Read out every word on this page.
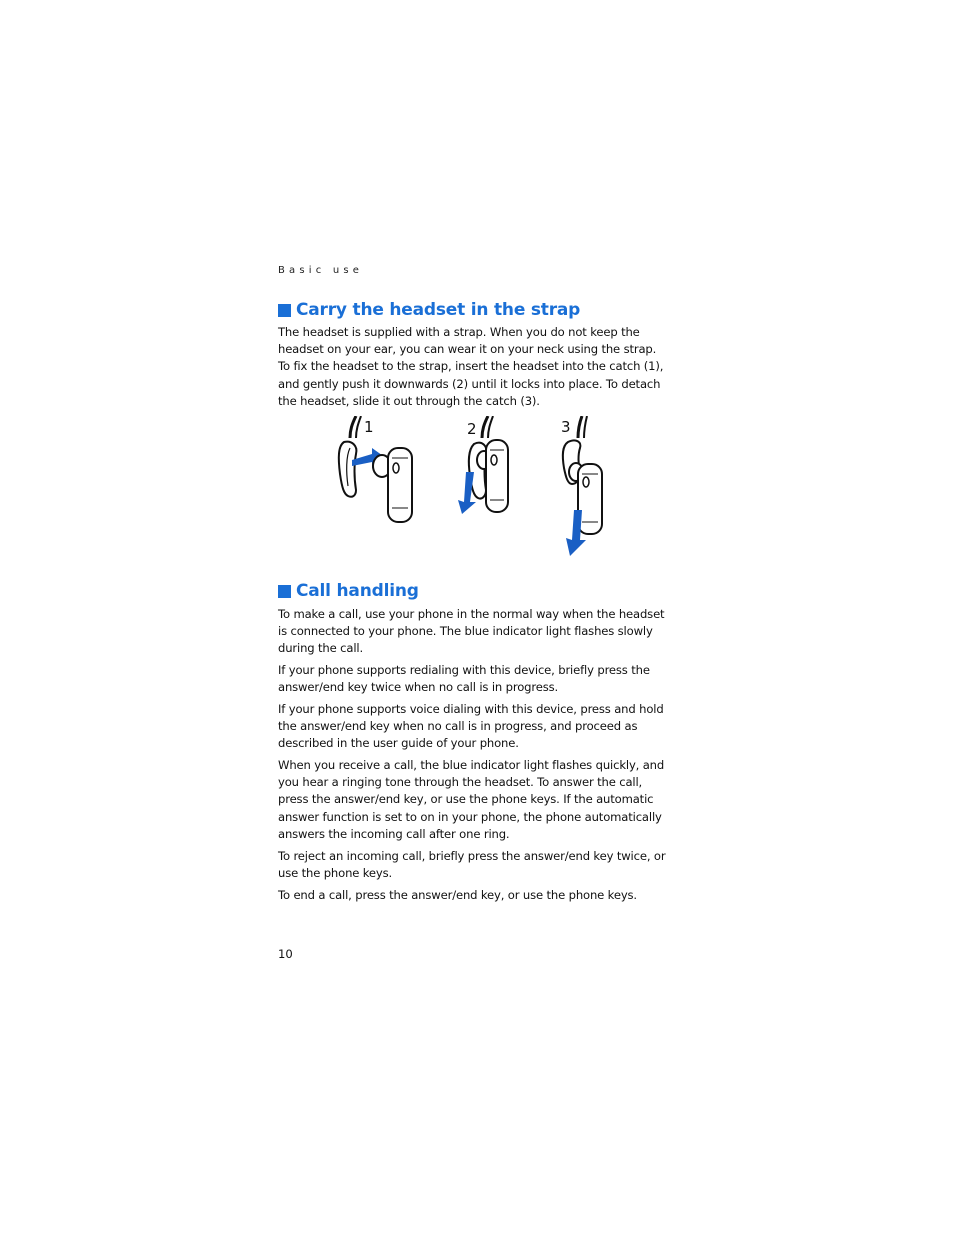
Basic use
Carry the headset in the strap

The headset is supplied with a strap. When you do not keep the headset on your ear, you can wear it on your neck using the strap. To fix the headset to the strap, insert the headset into the catch (1), and gently push it downwards (2) until it locks into place. To detach the headset, slide it out through the catch (3).

1	2	3
Call handling

To make a call, use your phone in the normal way when the headset is connected to your phone. The blue indicator light flashes slowly during the call.

If your phone supports redialing with this device, briefly press the answer/end key twice when no call is in progress.

If your phone supports voice dialing with this device, press and hold the answer/end key when no call is in progress, and proceed as described in the user guide of your phone.

When you receive a call, the blue indicator light flashes quickly, and you hear a ringing tone through the headset. To answer the call, press the answer/end key, or use the phone keys. If the automatic answer function is set to on in your phone, the phone automatically answers the incoming call after one ring.

To reject an incoming call, briefly press the answer/end key twice, or use the phone keys.

To end a call, press the answer/end key, or use the phone keys.

10
